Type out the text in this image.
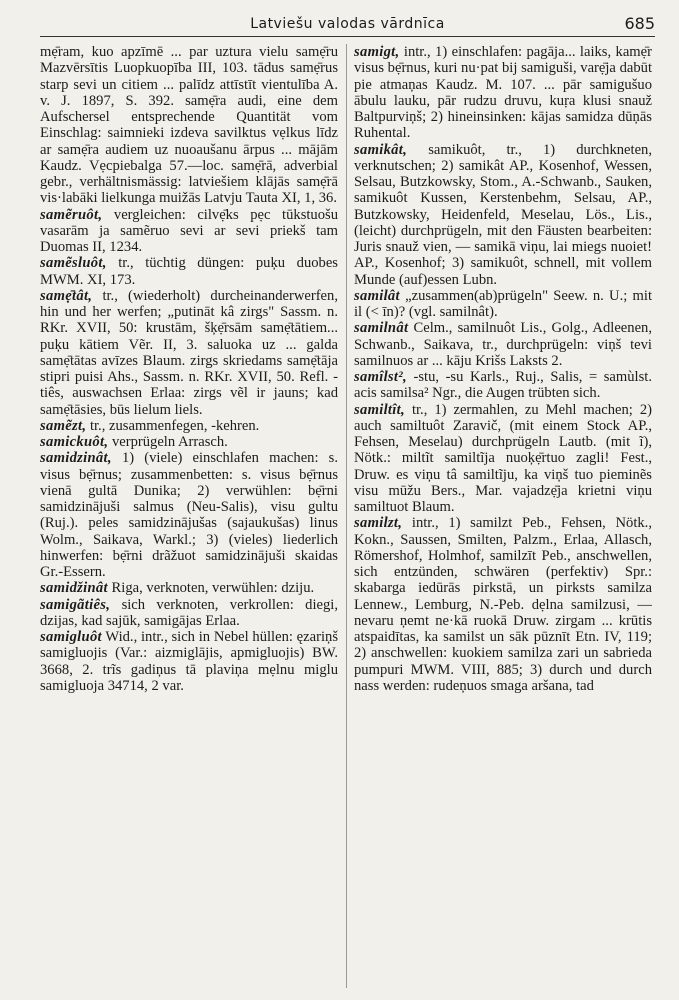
Latviešu valodas vārdnīca	685

mẹ̄ram, kuo apzīmē ... par uztura vielu samẹ̄ru Mazvērsītis Luopkuopība III, 103. tādus samẹ̄rus starp sevi un citiem ... palīdz attīstīt vientulība A. v. J. 1897, S. 392. samẹ̄ra audi, eine dem Aufschersel entsprechende Quantität vom Einschlag: saimnieki izdeva savilktus vẹlkus līdz ar samẹ̄ra audiem uz nuoaušanu ārpus ... mājām Kaudz. Vẹcpiebalga 57.—loc. samẹ̄rā, adverbial gebr., verhältnismässig: latviešiem klājās samẹ̄rā vis·labāki lielkunga muižās Latvju Tauta XI, 1, 36.

samẽruôt, vergleichen: cilvẹ̄ks pẹc tūkstuošu vasarām ja samẽruo sevi ar sevi priekš tam Duomas II, 1234.

samẽsluôt, tr., tüchtig düngen: puķu duobes MWM. XI, 173.

samẹ̄tât, tr., (wiederholt) durcheinanderwerfen, hin und her werfen; „putināt kâ zirgs" Sassm. n. RKr. XVII, 50: krustām, šķẹ̄rsām samẹ̄tātiem... puķu kātiem Vẽr. II, 3. saluoka uz ... galda samẹ̄tātas avīzes Blaum. zirgs skriedams samẹ̄tāja stipri puisi Ahs., Sassm. n. RKr. XVII, 50. Refl. -tiês, auswachsen Erlaa: zirgs vẽl ir jauns; kad samẹ̄tāsies, būs lielum liels.

samẽzt, tr., zusammenfegen, -kehren.

samickuôt, verprügeln Arrasch.

samidzinât, 1) (viele) einschlafen machen: s. visus bẹ̄rnus; zusammenbetten: s. visus bẹ̄rnus vienā gultā Dunika; 2) verwühlen: bẹ̄rni samidzinājuši salmus (Neu-Salis), visu gultu (Ruj.). peles samidzinājušas (sajaukušas) linus Wolm., Saikava, Warkl.; 3) (vieles) liederlich hinwerfen: bẹ̄rni drãžuot samidzinājuši skaidas Gr.-Essern.

samidžinât Riga, verknoten, verwühlen: dziju.

samigãtiês, sich verknoten, verkrollen: diegi, dzijas, kad sajūk, samigājas Erlaa.

samigluôt Wid., intr., sich in Nebel hüllen: ęzariņš samigluojis (Var.: aizmiglājis, apmigluojis) BW. 3668, 2. trĩs gadiņus tā plaviņa mẹlnu miglu samigluoja 34714, 2 var.

samigt, intr., 1) einschlafen: pagāja... laiks, kamẹ̄r visus bẹ̄rnus, kuri nu·pat bij samiguši, varẹ̄ja dabūt pie atmaņas Kaudz. M. 107. ... pār samigušuo ābulu lauku, pār rudzu druvu, kuṛa klusi snauž Baltpurviņš; 2) hineinsinken: kājas samidza dūņās Ruhental.

samikât, samikuôt, tr., 1) durchkneten, verknutschen; 2) samikât AP., Kosenhof, Wessen, Selsau, Butzkowsky, Stom., A.-Schwanb., Sauken, samikuôt Kussen, Kerstenbehm, Selsau, AP., Butzkowsky, Heidenfeld, Meselau, Lös., Lis., (leicht) durchprügeln, mit den Fäusten bearbeiten: Juris snauž vien, — samikā viņu, lai miegs nuoiet! AP., Kosenhof; 3) samikuôt, schnell, mit vollem Munde (auf)essen Lubn.

samilât „zusammen(ab)prügeln" Seew. n. U.; mit il (< īn)? (vgl. samilnât).

samilnât Celm., samilnuôt Lis., Golg., Adleenen, Schwanb., Saikava, tr., durchprügeln: viņš tevi samilnuos ar ... kāju Krišs Laksts 2.

samîlst², -stu, -su Karls., Ruj., Salis, = samùlst. acis samilsa² Ngr., die Augen trübten sich.

samiltît, tr., 1) zermahlen, zu Mehl machen; 2) auch samiltuôt Zaravič, (mit einem Stock AP., Fehsen, Meselau) durchprügeln Lautb. (mit ĩ), Nötk.: miltĩt samiltĩja nuoķẹ̄rtuo zagli! Fest., Druw. es viņu tâ samiltĩju, ka viņš tuo pieminẽs visu mūžu Bers., Mar. vajadzẹ̄ja krietni viņu samiltuot Blaum.

samilzt, intr., 1) samilzt Peb., Fehsen, Nötk., Kokn., Saussen, Smilten, Palzm., Erlaa, Allasch, Römershof, Holmhof, samilzīt Peb., anschwellen, sich entzünden, schwären (perfektiv) Spr.: skabarga iedūrās pirkstā, un pirksts samilza Lennew., Lemburg, N.-Peb. dẹlna samilzusi, — nevaru ņemt ne·kā ruokā Druw. zirgam ... krūtis atspaidītas, ka samilst un sāk pūznīt Etn. IV, 119; 2) anschwellen: kuokiem samilza zari un sabrieda pumpuri MWM. VIII, 885; 3) durch und durch nass werden: rudeņuos smaga aršana, tad
